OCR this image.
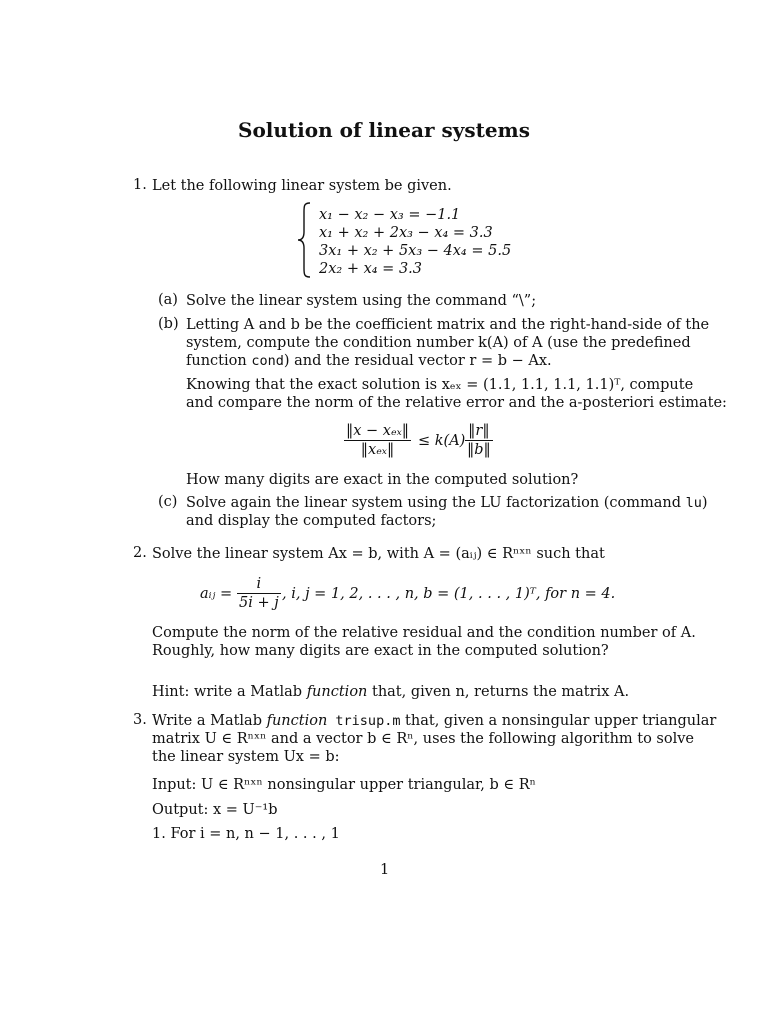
Solution of linear systems
1. Let the following linear system be given.
x₁ − x₂ − x₃ = −1.1
x₁ + x₂ + 2x₃ − x₄ = 3.3
3x₁ + x₂ + 5x₃ − 4x₄ = 5.5
2x₂ + x₄ = 3.3
(a) Solve the linear system using the command “\”;
(b) Letting A and b be the coefficient matrix and the right-hand-side of the
system, compute the condition number k(A) of A (use the predefined
function cond) and the residual vector r = b − Ax.
Knowing that the exact solution is xₑₓ = (1.1, 1.1, 1.1, 1.1)ᵀ, compute
and compare the norm of the relative error and the a-posteriori estimate:
‖x − xₑₓ‖
‖xₑₓ‖
≤ $k(A) \frac{‖r‖}{‖b‖}$
How many digits are exact in the computed solution?
(c) Solve again the linear system using the LU factorization (command lu)
and display the computed factors;
2. Solve the linear system Ax = b, with A = (aᵢⱼ) ∈ Rⁿˣⁿ such that
aᵢⱼ = $\frac{i}{5i + j}$ , i, j = 1, 2, . . . , n, b = (1, . . . , 1)ᵀ, for n = 4.
Compute the norm of the relative residual and the condition number of A.
Roughly, how many digits are exact in the computed solution?
Hint: write a Matlab function that, given n, returns the matrix A.
3. Write a Matlab function trisup.m that, given a nonsingular upper triangular
matrix U ∈ Rⁿˣⁿ and a vector b ∈ Rⁿ, uses the following algorithm to solve
the linear system Ux = b:
Input: U ∈ Rⁿˣⁿ nonsingular upper triangular, b ∈ Rⁿ
Output: x = U⁻¹b
1. For i = n, n − 1, . . . , 1
1
